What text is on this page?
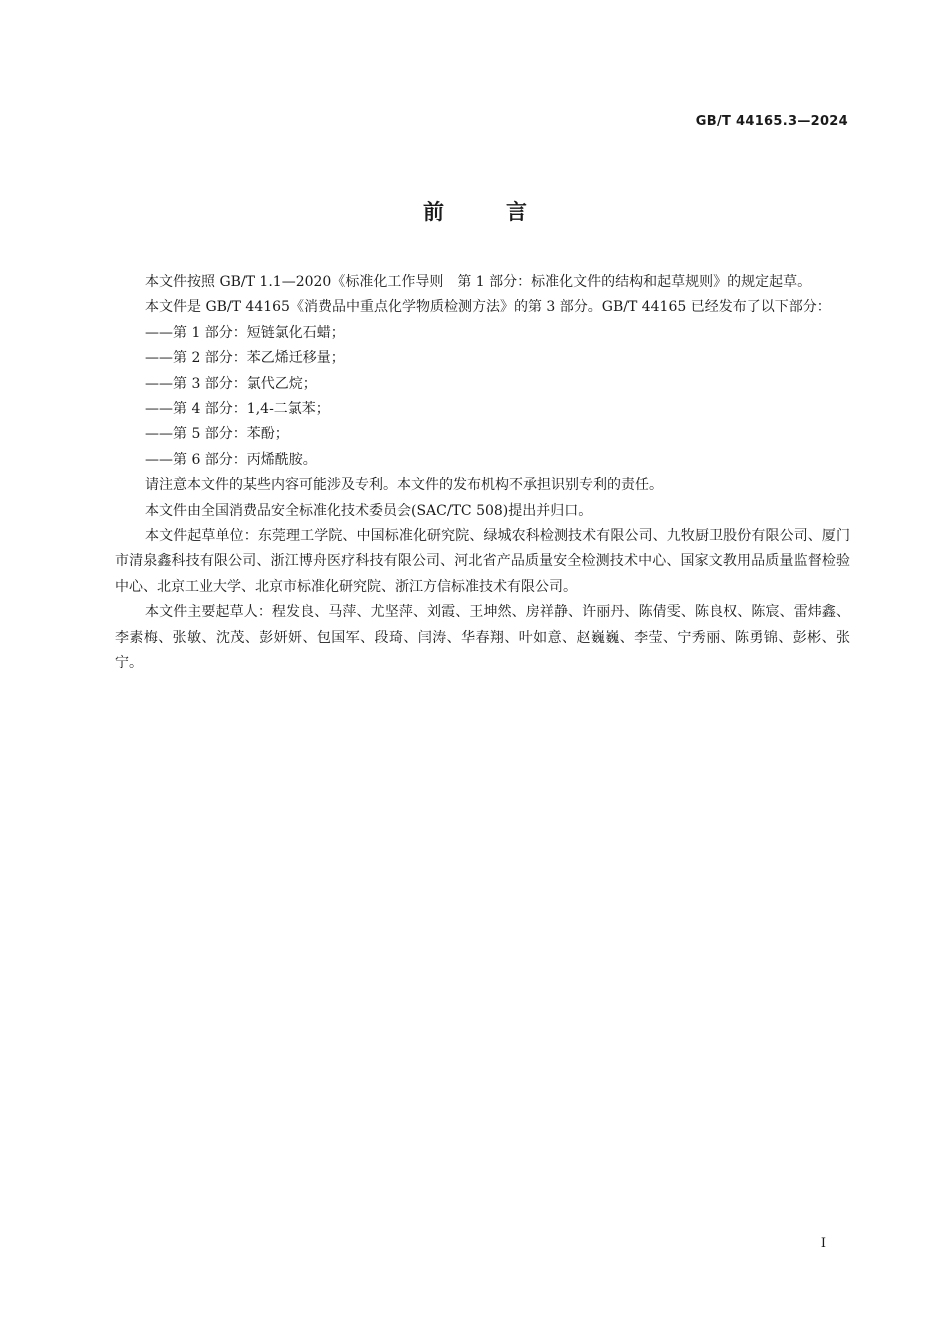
GB/T 44165.3—2024
前言

本文件按照 GB/T 1.1—2020《标准化工作导则　第 1 部分：标准化文件的结构和起草规则》的规定起草。

本文件是 GB/T 44165《消费品中重点化学物质检测方法》的第 3 部分。GB/T 44165 已经发布了以下部分：

——第 1 部分：短链氯化石蜡；
——第 2 部分：苯乙烯迁移量；
——第 3 部分：氯代乙烷；
——第 4 部分：1,4-二氯苯；
——第 5 部分：苯酚；
——第 6 部分：丙烯酰胺。

请注意本文件的某些内容可能涉及专利。本文件的发布机构不承担识别专利的责任。

本文件由全国消费品安全标准化技术委员会(SAC/TC 508)提出并归口。

本文件起草单位：东莞理工学院、中国标准化研究院、绿城农科检测技术有限公司、九牧厨卫股份有限公司、厦门市清泉鑫科技有限公司、浙江博舟医疗科技有限公司、河北省产品质量安全检测技术中心、国家文教用品质量监督检验中心、北京工业大学、北京市标准化研究院、浙江方信标准技术有限公司。

本文件主要起草人：程发良、马萍、尤坚萍、刘霞、王坤然、房祥静、许丽丹、陈倩雯、陈良权、陈宸、雷炜鑫、李素梅、张敏、沈茂、彭妍妍、包国军、段琦、闫涛、华春翔、叶如意、赵巍巍、李莹、宁秀丽、陈勇锦、彭彬、张宁。

I
